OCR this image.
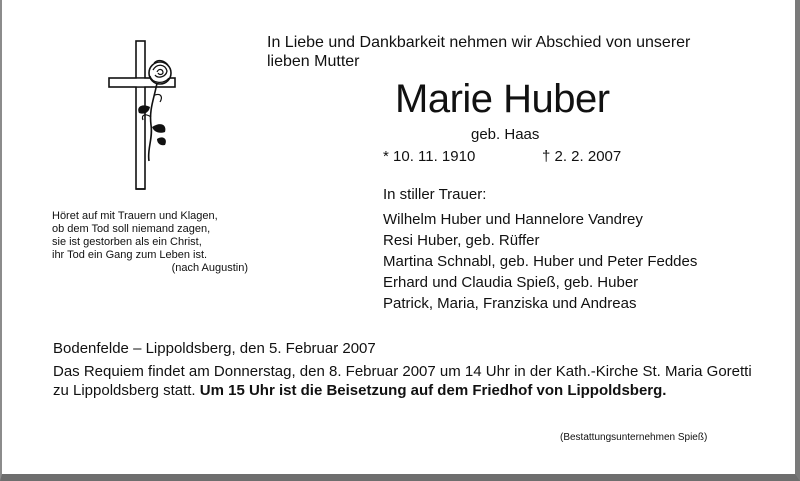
In Liebe und Dankbarkeit nehmen wir Abschied von unserer
lieben Mutter
Marie Huber
geb. Haas
* 10. 11. 1910	† 2. 2. 2007
In stiller Trauer:
Wilhelm Huber und Hannelore Vandrey
Resi Huber, geb. Rüffer
Martina Schnabl, geb. Huber und Peter Feddes
Erhard und Claudia Spieß, geb. Huber
Patrick, Maria, Franziska und Andreas
Höret auf mit Trauern und Klagen,
ob dem Tod soll niemand zagen,
sie ist gestorben als ein Christ,
ihr Tod ein Gang zum Leben ist.
(nach Augustin)
Bodenfelde – Lippoldsberg, den 5. Februar 2007
Das Requiem findet am Donnerstag, den 8. Februar 2007 um 14 Uhr in der Kath.-Kirche St. Maria Goretti zu Lippoldsberg statt. Um 15 Uhr ist die Beisetzung auf dem Friedhof von Lippoldsberg.
(Bestattungsunternehmen Spieß)
